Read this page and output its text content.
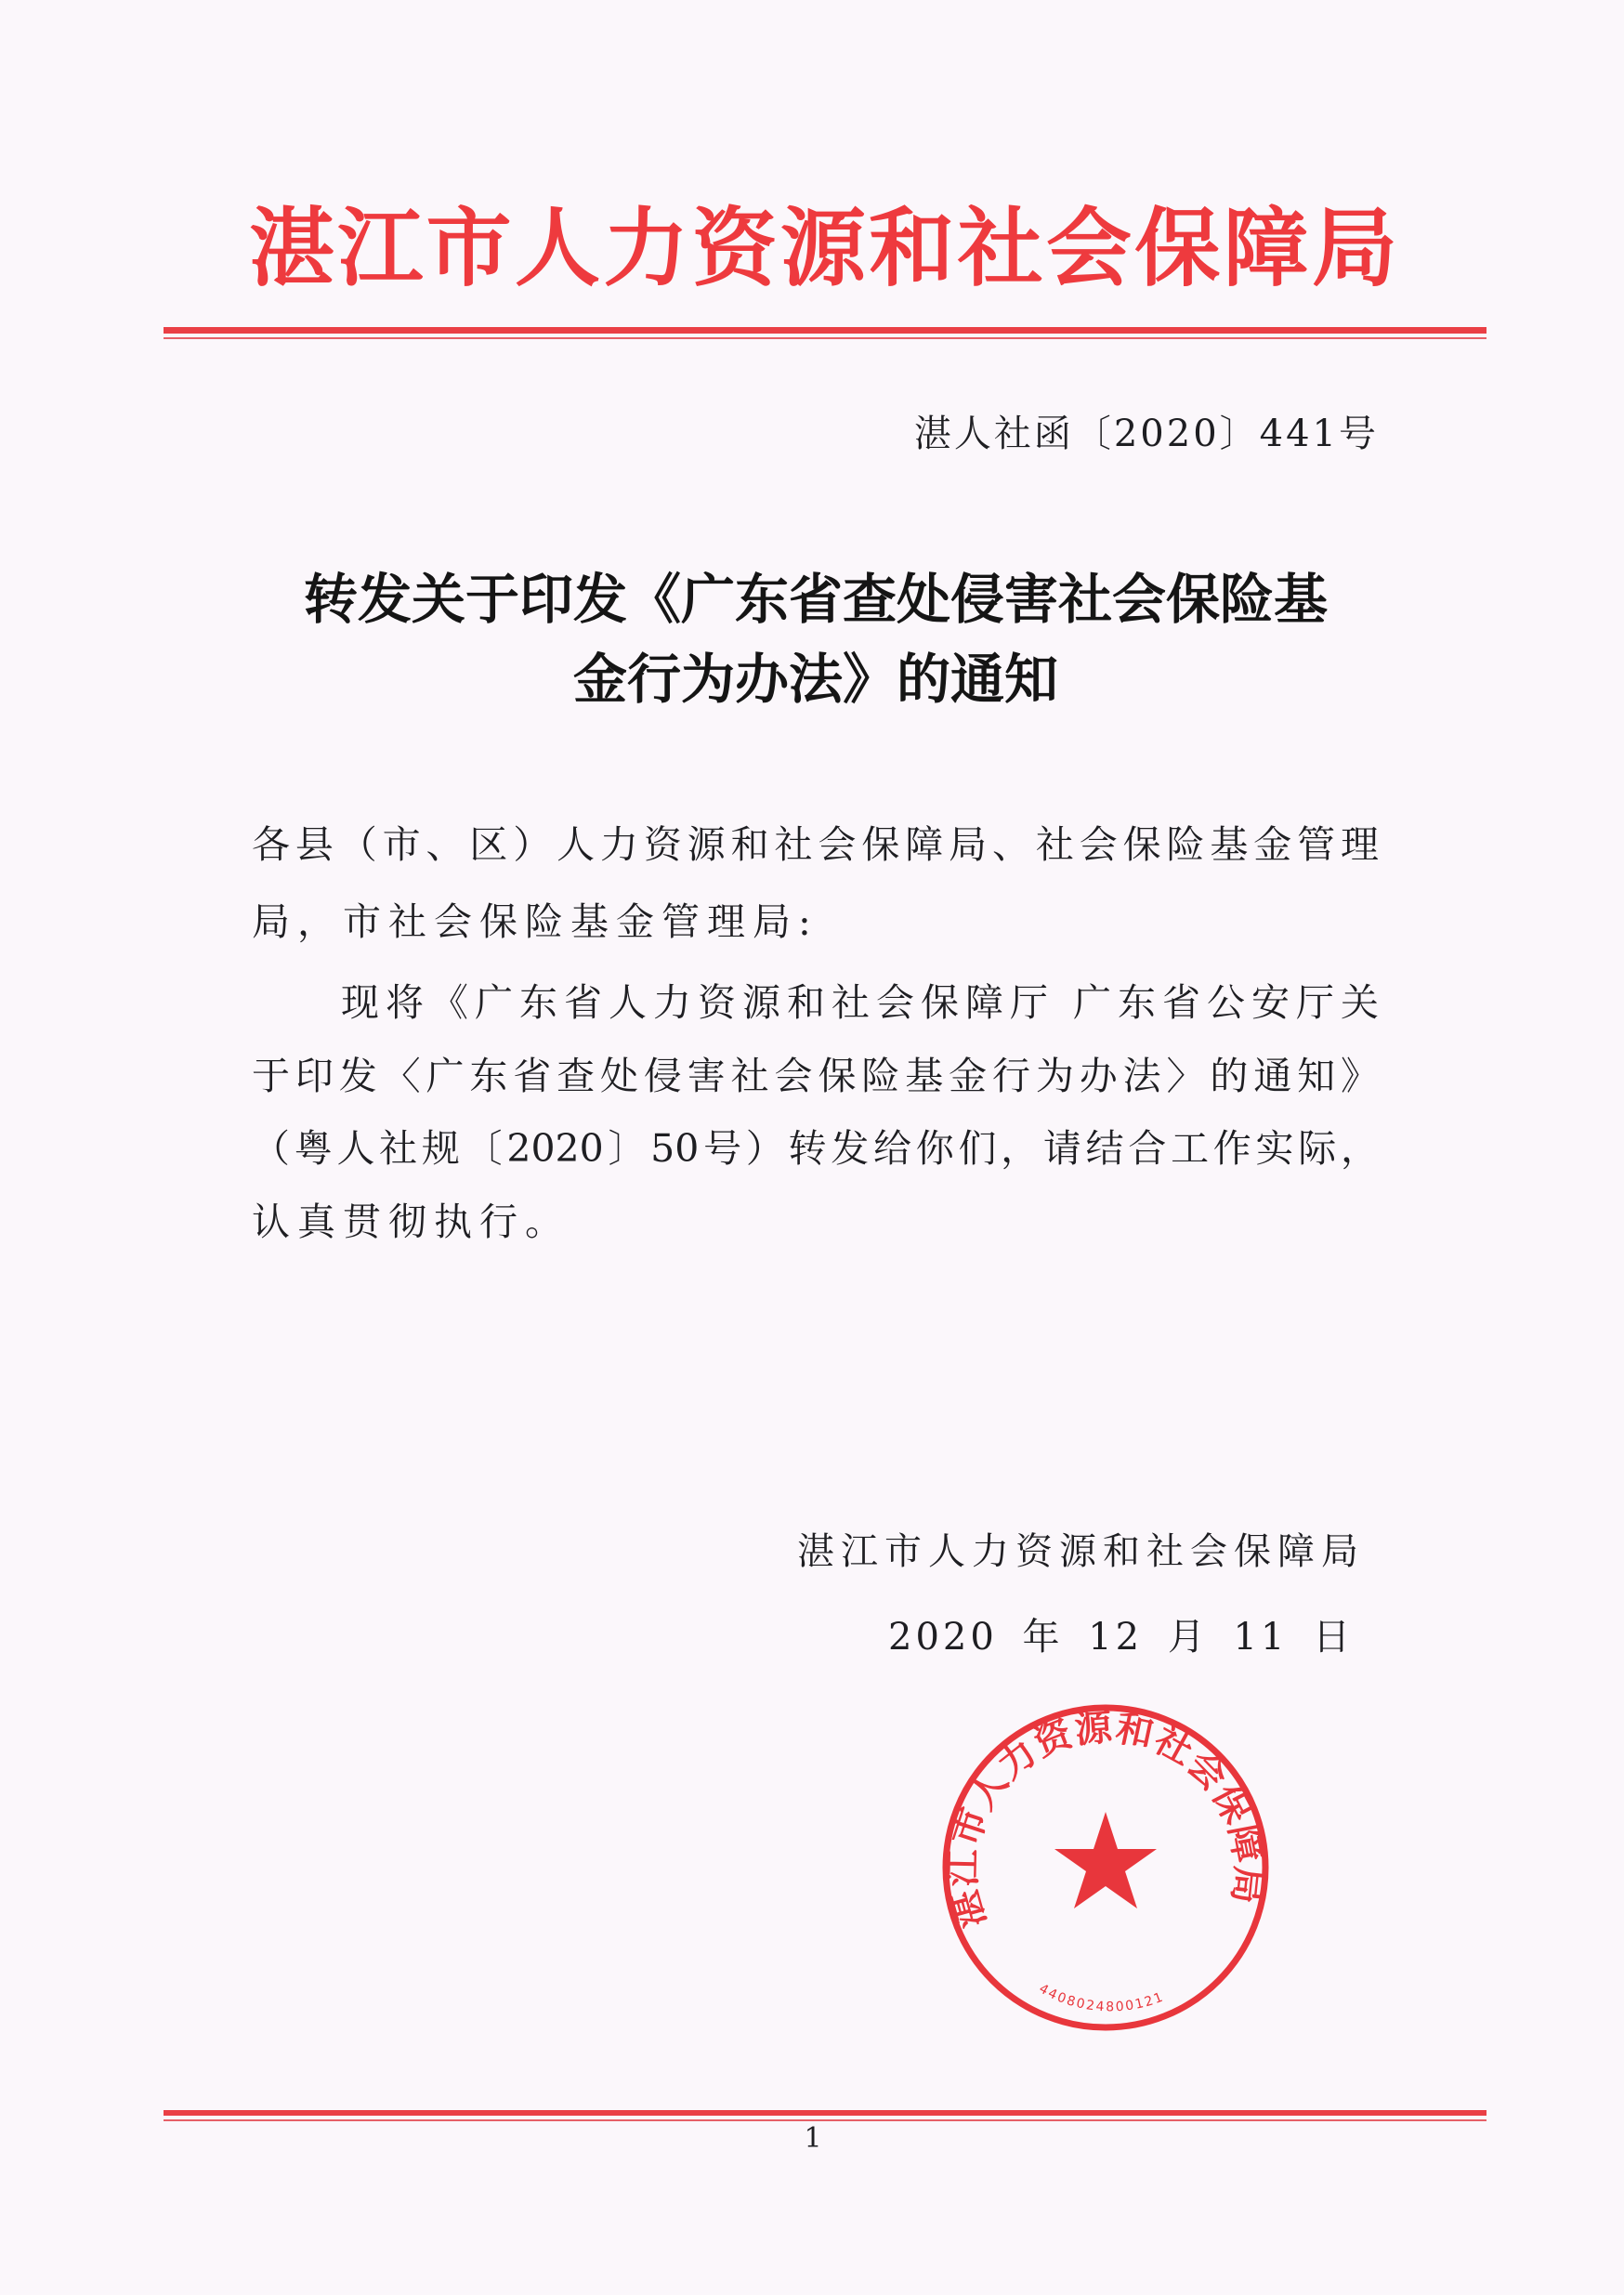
湛 江 市 人 力 资 源 和 社 会 保 障 局
湛人社函〔2020〕441号
转发关于印发《广东省查处侵害社会保险基
金行为办法》的通知
各县（市、区）人力资源和社会保障局、社会保险基金管理
局，市社会保险基金管理局:
　　现将《广东省人力资源和社会保障厅 广东省公安厅关
于印发〈广东省查处侵害社会保险基金行为办法〉的通知》
（粤人社规〔2020〕50号）转发给你们，请结合工作实际，
认真贯彻执行。
湛江市人力资源和社会保障局
2020 年 12 月 11 日
湛江市人力资源和社会保障局
4408024800121
1
